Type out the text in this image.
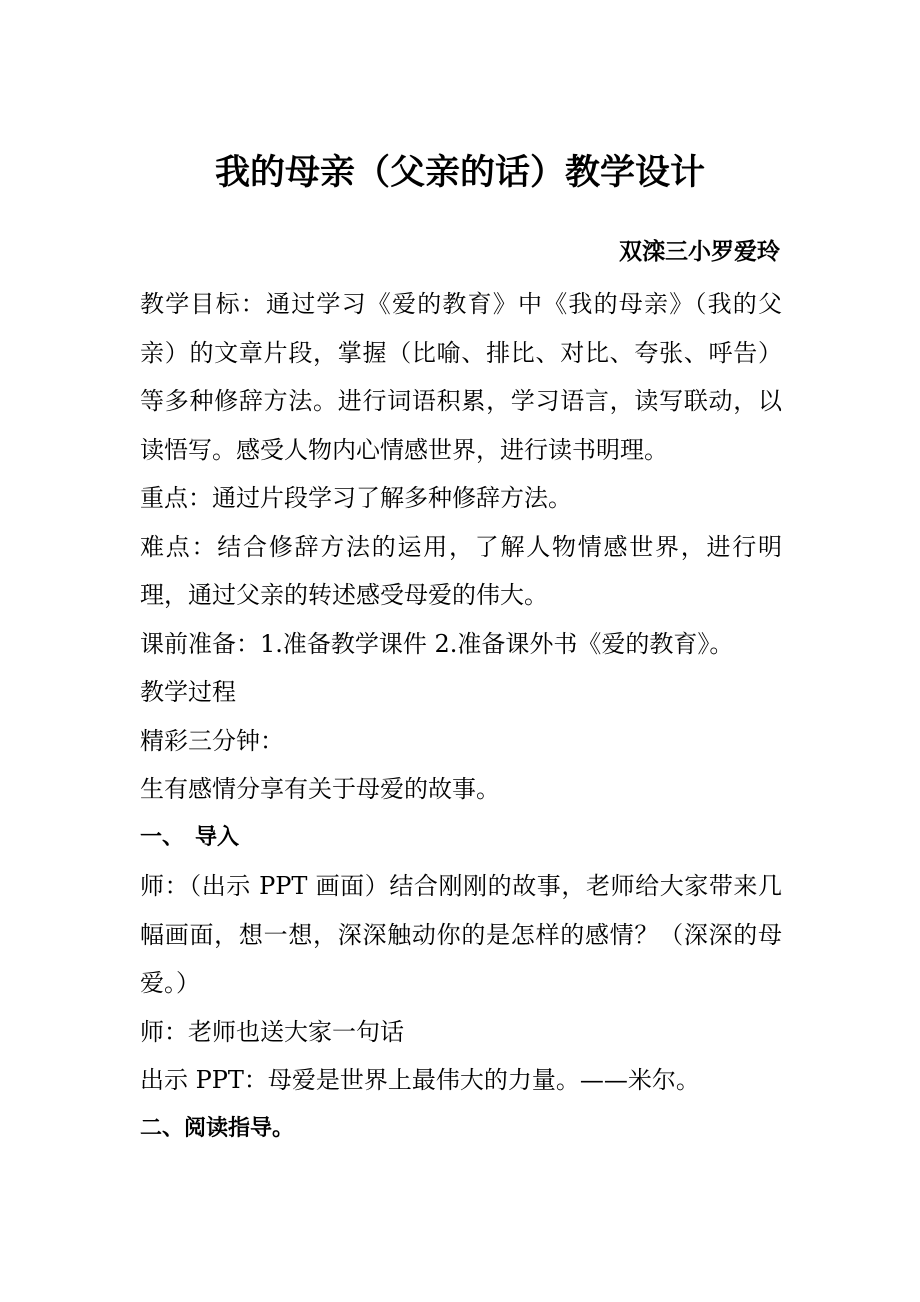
我的母亲（父亲的话）教学设计
双滦三小罗爱玲

教学目标：通过学习《爱的教育》中《我的母亲》（我的父亲）的文章片段，掌握（比喻、排比、对比、夸张、呼告）等多种修辞方法。进行词语积累，学习语言，读写联动，以读悟写。感受人物内心情感世界，进行读书明理。

重点：通过片段学习了解多种修辞方法。

难点：结合修辞方法的运用，了解人物情感世界，进行明理，通过父亲的转述感受母爱的伟大。

课前准备：1.准备教学课件 2.准备课外书《爱的教育》。

教学过程

精彩三分钟：

生有感情分享有关于母爱的故事。

一、　导入

师：（出示 PPT 画面）结合刚刚的故事，老师给大家带来几幅画面，想一想，深深触动你的是怎样的感情？（深深的母爱。）

师：老师也送大家一句话

出示 PPT：母爱是世界上最伟大的力量。——米尔。

二、阅读指导。
